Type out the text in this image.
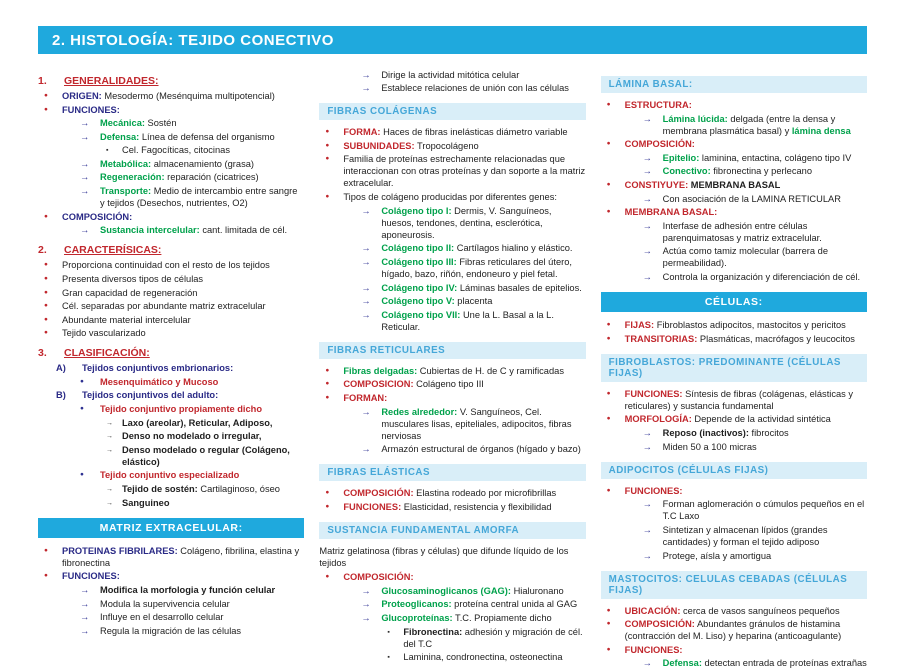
2. HISTOLOGÍA: TEJIDO CONECTIVO
1.	GENERALIDADES:
●	ORIGEN: Mesodermo (Mesénquima multipotencial)
●	FUNCIONES:
→	Mecánica: Sostén
→	Defensa: Línea de defensa del organismo
▪	Cel. Fagocíticas, citocinas
→	Metabólica: almacenamiento (grasa)
→	Regeneración: reparación (cicatrices)
→	Transporte: Medio de intercambio entre sangre y tejidos (Desechos, nutrientes, O2)
●	COMPOSICIÓN:
→	Sustancia intercelular: cant. limitada de cél.
2.	CARACTERÍSICAS:
●	Proporciona continuidad con el resto de los tejidos
●	Presenta diversos tipos de células
●	Gran capacidad de regeneración
●	Cél. separadas por abundante matriz extracelular
●	Abundante material intercelular
●	Tejido vascularizado
3.	CLASIFICACIÓN:
A)	Tejidos conjuntivos embrionarios:
●	Mesenquimático y Mucoso
B)	Tejidos conjuntivos del adulto:
●	Tejido conjuntivo propiamente dicho
→ Laxo (areolar), Reticular, Adiposo,
→ Denso no modelado o irregular,
→ Denso modelado o regular (Colágeno, elástico)
●	Tejido conjuntivo especializado
→ Tejido de sostén: Cartilaginoso, óseo
→ Sanguineo
MATRIZ EXTRACELULAR:
●	PROTEINAS FIBRILARES: Colágeno, fibrilina, elastina y fibronectina
●	FUNCIONES:
→	Modifica la morfologia y función celular
→	Modula la supervivencia celular
→	Influye en el desarrollo celular
→	Regula la migración de las células
→	Dirige la actividad mitótica celular
→	Establece relaciones de unión con las células
FIBRAS COLÁGENAS
●	FORMA: Haces de fibras inelásticas diámetro variable
●	SUBUNIDADES: Tropocolágeno
●	Familia de proteínas estrechamente relacionadas que interaccionan con otras proteínas y dan soporte a la matriz extracelular.
●	Tipos de colágeno producidas por diferentes genes:
→	Colágeno tipo I: Dermis, V. Sanguíneos, huesos, tendones, dentina, esclerótica, aponeurosis.
→	Colágeno tipo II: Cartílagos hialino y elástico.
→	Colágeno tipo III: Fibras reticulares del útero, hígado, bazo, riñón, endoneuro y piel fetal.
→	Colágeno tipo IV: Láminas basales de epitelios.
→	Colágeno tipo V: placenta
→	Colágeno tipo VII: Une la L. Basal a la L. Reticular.
FIBRAS RETICULARES
●	Fibras delgadas: Cubiertas de H. de C y ramificadas
●	COMPOSICION: Colágeno tipo III
●	FORMAN:
→	Redes alrededor: V. Sanguíneos, Cel. musculares lisas, epiteliales, adipocitos, fibras nerviosas
→	Armazón estructural de órganos (hígado y bazo)
FIBRAS ELÁSTICAS
●	COMPOSICIÓN: Elastina rodeado por microfibrillas
●	FUNCIONES: Elasticidad, resistencia y flexibilidad
SUSTANCIA FUNDAMENTAL AMORFA
Matriz gelatinosa (fibras y células) que difunde líquido de los tejidos
●	COMPOSICIÓN:
→	Glucosaminoglicanos (GAG): Hialuronano
→	Proteoglicanos: proteína central unida al GAG
→	Glucoproteínas: T.C. Propiamente dicho
▪	Fibronectina: adhesión y migración de cél. del T.C
▪	Laminina, condronectina, osteonectina
LÁMINA BASAL:
●	ESTRUCTURA:
→	Lámina lúcida: delgada (entre la densa y membrana plasmática basal) y lámina densa
●	COMPOSICIÓN:
→	Epitelio: laminina, entactina, colágeno tipo IV
→	Conectivo: fibronectina y perlecano
●	CONSTIYUYE: MEMBRANA BASAL
→	Con asociación de la LAMINA RETICULAR
●	MEMBRANA BASAL:
→	Interfase de adhesión entre células parenquimatosas y matriz extracelular.
→	Actúa como tamiz molecular (barrera de permeabilidad).
→	Controla la organización y diferenciación de cél.
CÉLULAS:
●	FIJAS: Fibroblastos adipocitos, mastocitos y pericitos
●	TRANSITORIAS: Plasmáticas, macrófagos y leucocitos
FIBROBLASTOS: PREDOMINANTE (CÉLULAS FIJAS)
●	FUNCIONES: Síntesis de fibras (colágenas, elásticas y reticulares) y sustancia fundamental
●	MORFOLOGÍA: Depende de la actividad sintética
→	Reposo (inactivos): fibrocitos
→	Miden 50 a 100 micras
ADIPOCITOS (CÉLULAS FIJAS)
●	FUNCIONES:
→	Forman aglomeración o cúmulos pequeños en el T.C Laxo
→	Sintetizan y almacenan lípidos (grandes cantidades) y forman el tejido adiposo
→	Protege, aísla y amortigua
MASTOCITOS: CELULAS CEBADAS (CÉLULAS FIJAS)
●	UBICACIÓN: cerca de vasos sanguíneos pequeños
●	COMPOSICIÓN: Abundantes gránulos de histamina (contracción del M. Liso) y heparina (anticoagulante)
●	FUNCIONES:
→	Defensa: detectan entrada de proteínas extrañas
